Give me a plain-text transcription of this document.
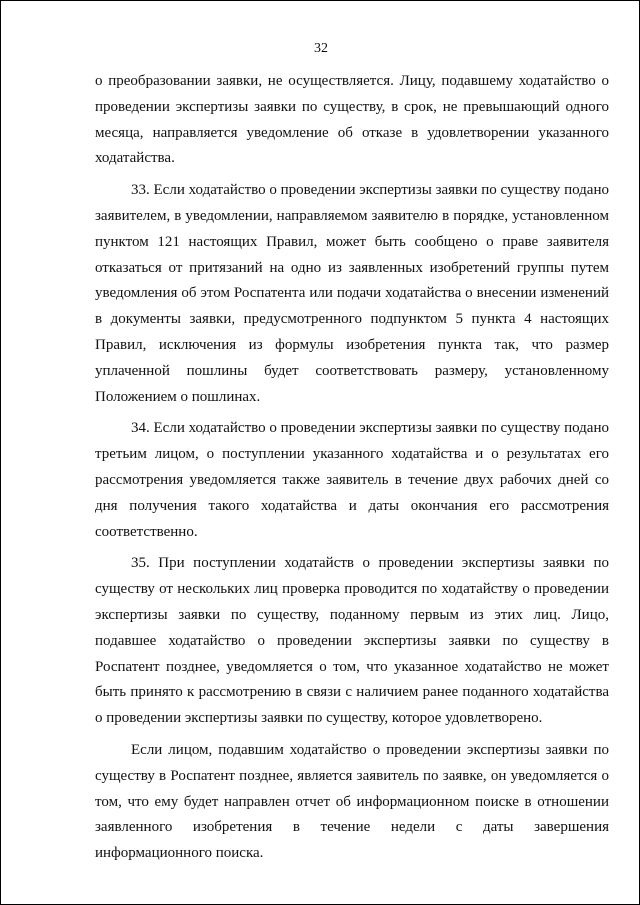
32

о преобразовании заявки, не осуществляется. Лицу, подавшему ходатайство о проведении экспертизы заявки по существу, в срок, не превышающий одного месяца, направляется уведомление об отказе в удовлетворении указанного ходатайства.

33. Если ходатайство о проведении экспертизы заявки по существу подано заявителем, в уведомлении, направляемом заявителю в порядке, установленном пунктом 121 настоящих Правил, может быть сообщено о праве заявителя отказаться от притязаний на одно из заявленных изобретений группы путем уведомления об этом Роспатента или подачи ходатайства о внесении изменений в документы заявки, предусмотренного подпунктом 5 пункта 4 настоящих Правил, исключения из формулы изобретения пункта так, что размер уплаченной пошлины будет соответствовать размеру, установленному Положением о пошлинах.

34. Если ходатайство о проведении экспертизы заявки по существу подано третьим лицом, о поступлении указанного ходатайства и о результатах его рассмотрения уведомляется также заявитель в течение двух рабочих дней со дня получения такого ходатайства и даты окончания его рассмотрения соответственно.

35. При поступлении ходатайств о проведении экспертизы заявки по существу от нескольких лиц проверка проводится по ходатайству о проведении экспертизы заявки по существу, поданному первым из этих лиц. Лицо, подавшее ходатайство о проведении экспертизы заявки по существу в Роспатент позднее, уведомляется о том, что указанное ходатайство не может быть принято к рассмотрению в связи с наличием ранее поданного ходатайства о проведении экспертизы заявки по существу, которое удовлетворено.

Если лицом, подавшим ходатайство о проведении экспертизы заявки по существу в Роспатент позднее, является заявитель по заявке, он уведомляется о том, что ему будет направлен отчет об информационном поиске в отношении заявленного изобретения в течение недели с даты завершения информационного поиска.
